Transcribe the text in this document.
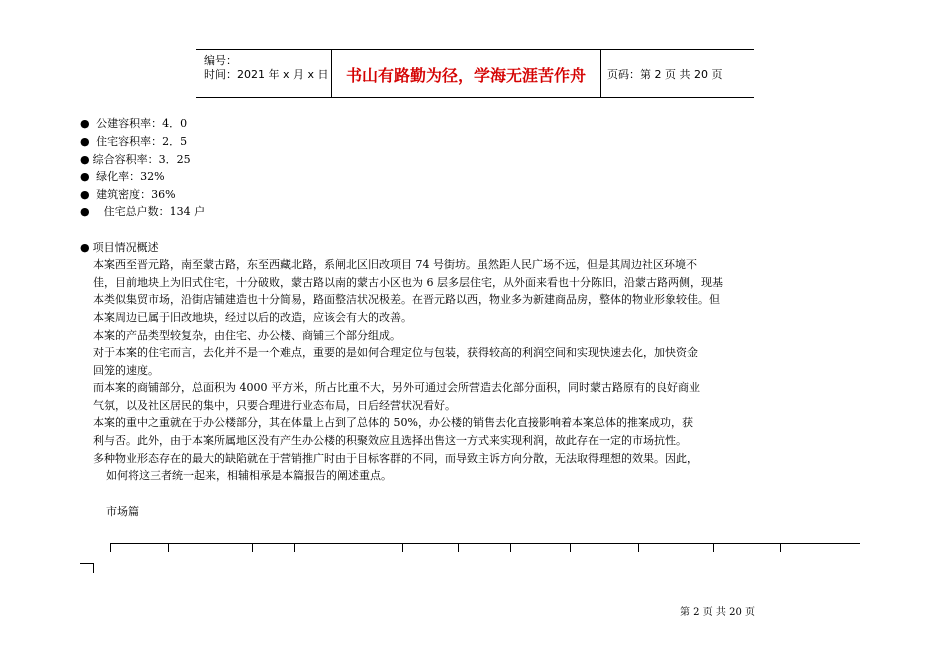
编号：
时间：2021 年 x 月 x 日	书山有路勤为径，学海无涯苦作舟	页码：第 2 页 共 20 页
● 公建容积率：4．0
● 住宅容积率：2．5
● 综合容积率：3．25
● 绿化率：32%
● 建筑密度：36%
● 住宅总户数：134 户
● 项目情况概述
本案西至晋元路，南至蒙古路，东至西藏北路，系闸北区旧改项目 74 号街坊。虽然距人民广场不远，但是其周边社区环境不
佳，目前地块上为旧式住宅，十分破败，蒙古路以南的蒙古小区也为 6 层多层住宅，从外面来看也十分陈旧，沿蒙古路两侧，现基
本类似集贸市场，沿街店铺建造也十分简易，路面整洁状况极差。在晋元路以西，物业多为新建商品房，整体的物业形象较佳。但
本案周边已属于旧改地块，经过以后的改造，应该会有大的改善。
本案的产品类型较复杂，由住宅、办公楼、商铺三个部分组成。
对于本案的住宅而言，去化并不是一个难点，重要的是如何合理定位与包装，获得较高的利润空间和实现快速去化，加快资金
回笼的速度。
而本案的商铺部分，总面积为 4000 平方米，所占比重不大，另外可通过会所营造去化部分面积，同时蒙古路原有的良好商业
气氛，以及社区居民的集中，只要合理进行业态布局，日后经营状况看好。
本案的重中之重就在于办公楼部分，其在体量上占到了总体的 50%，办公楼的销售去化直接影响着本案总体的推案成功，获
利与否。此外，由于本案所属地区没有产生办公楼的积聚效应且选择出售这一方式来实现利润，故此存在一定的市场抗性。
多种物业形态存在的最大的缺陷就在于营销推广时由于目标客群的不同，而导致主诉方向分散，无法取得理想的效果。因此，
如何将这三者统一起来，相辅相承是本篇报告的阐述重点。
市场篇
第 2 页 共 20 页
